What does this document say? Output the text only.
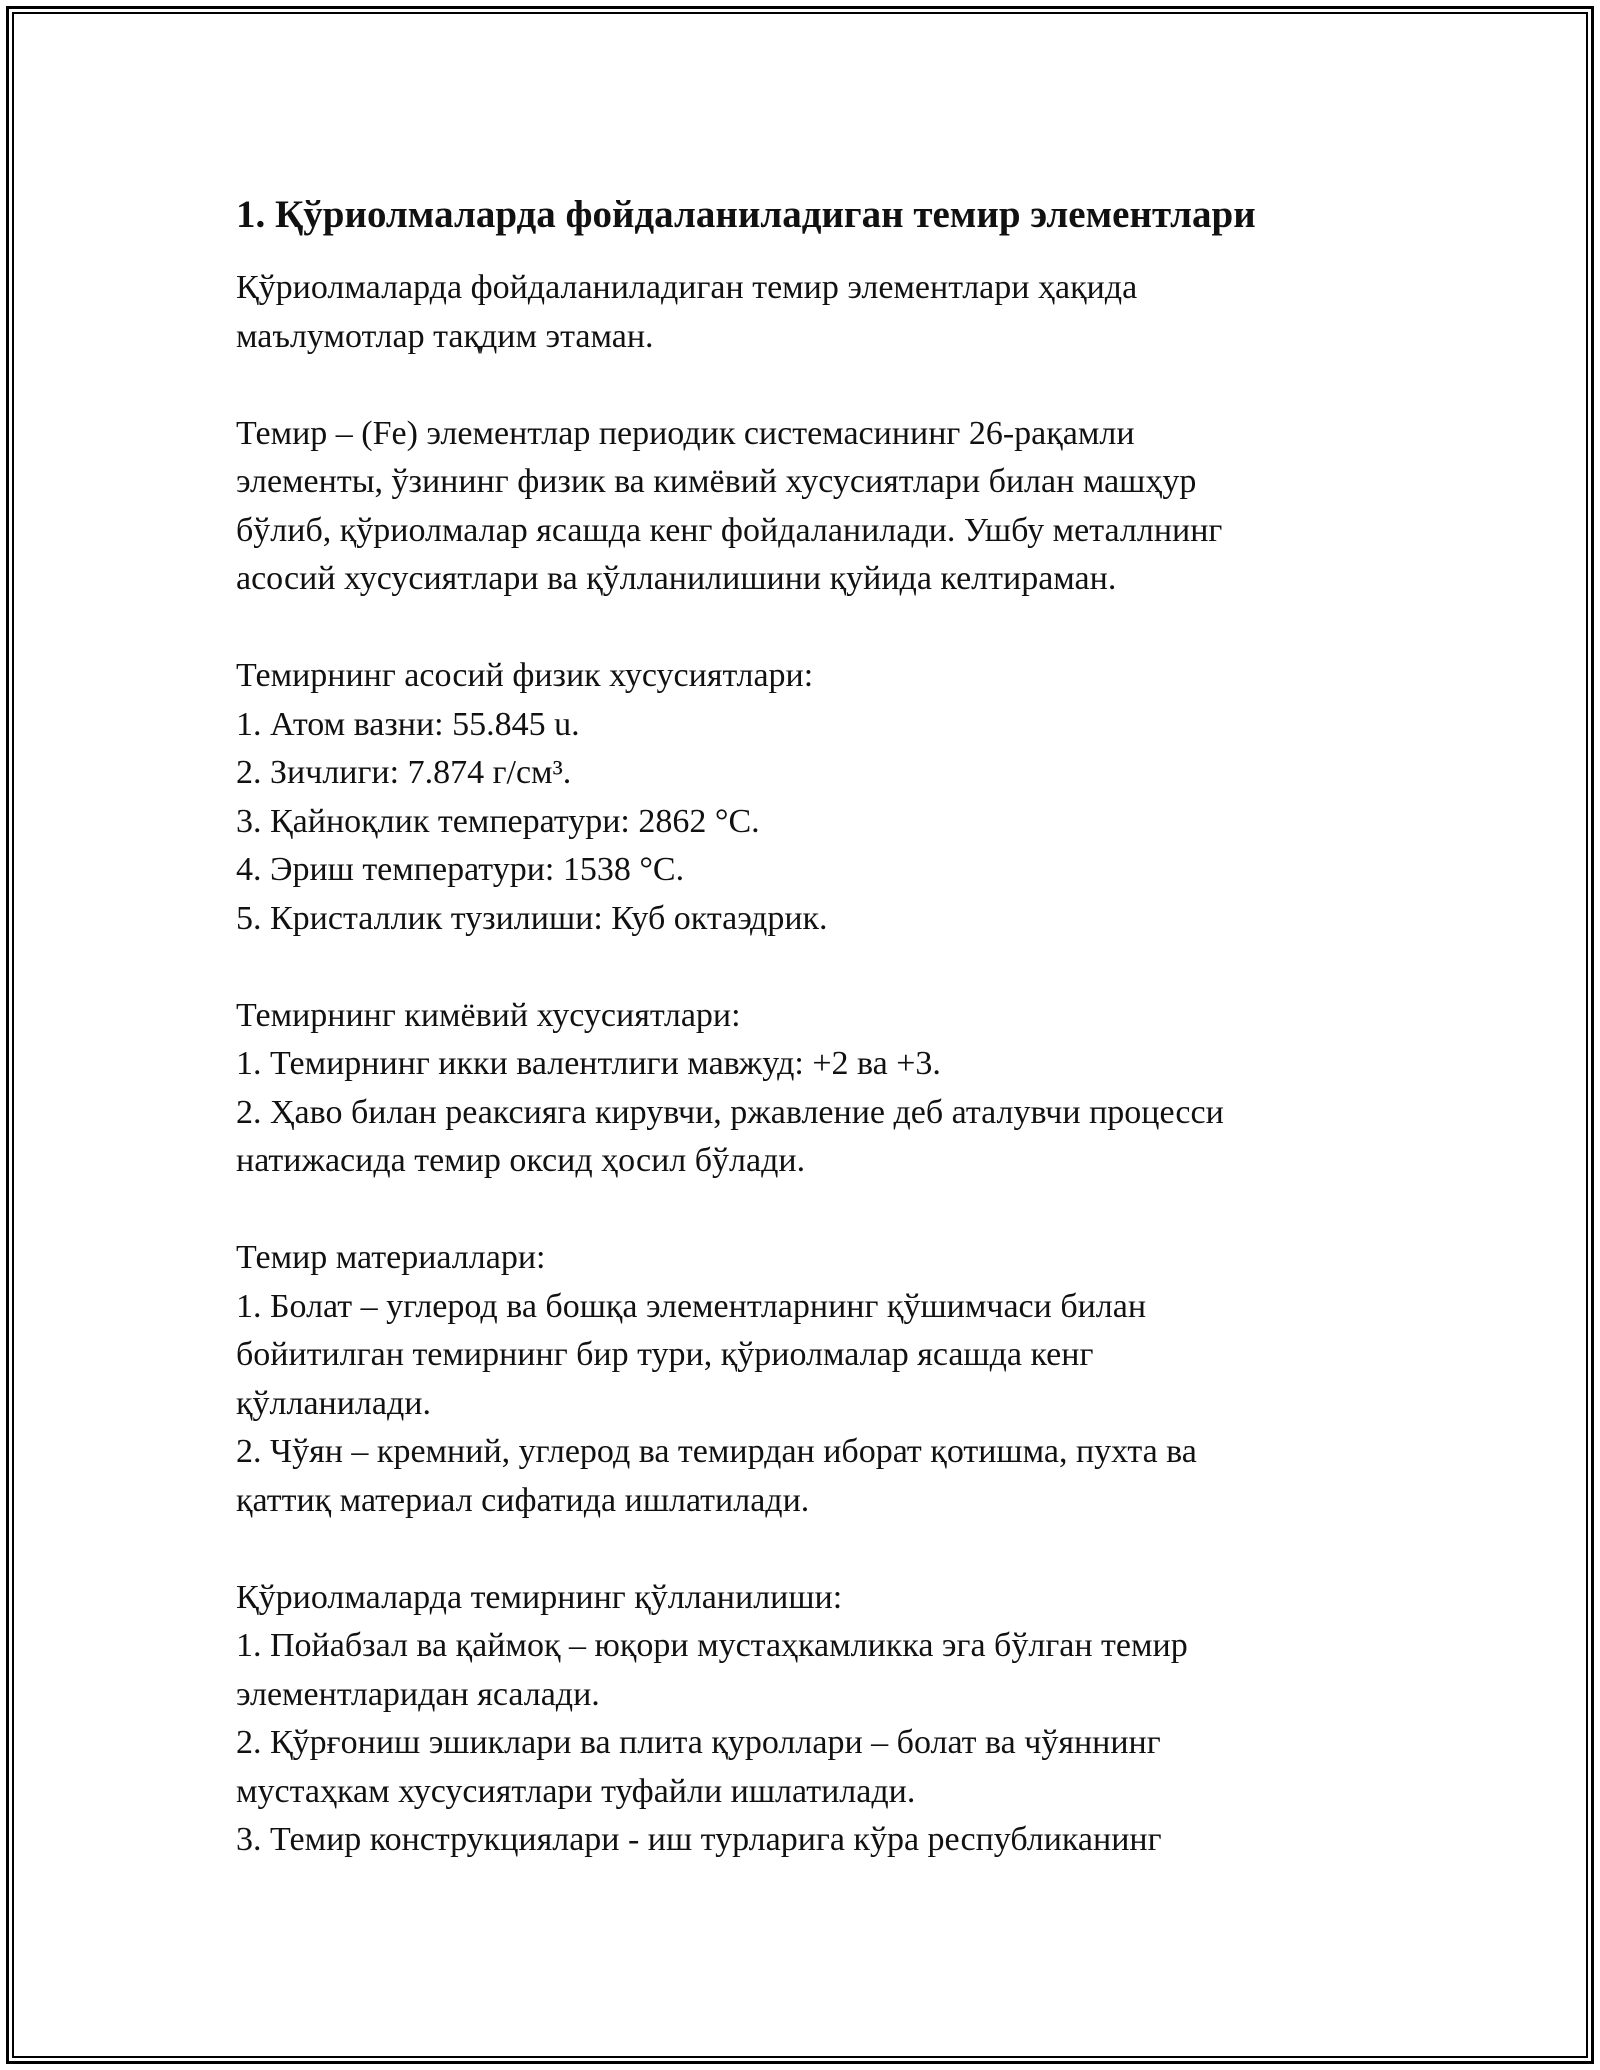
1. Қўриолмаларда фойдаланиладиган темир элементлари
Қўриолмаларда фойдаланиладиган темир элементлари ҳақида
маълумотлар тақдим этаман.
Темир – (Fe) элементлар периодик системасининг 26-рақамли
элементы, ўзининг физик ва кимёвий хусусиятлари билан машҳур
бўлиб, қўриолмалар ясашда кенг фойдаланилади. Ушбу металлнинг
асосий хусусиятлари ва қўлланилишини қуйида келтираман.
Темирнинг асосий физик хусусиятлари:
1. Атом вазни: 55.845 u.
2. Зичлиги: 7.874 г/см³.
3. Қайноқлик температури: 2862 °C.
4. Эриш температури: 1538 °C.
5. Кристаллик тузилиши: Куб октаэдрик.
Темирнинг кимёвий хусусиятлари:
1. Темирнинг икки валентлиги мавжуд: +2 ва +3.
2. Ҳаво билан реаксияга кирувчи, ржавление деб аталувчи процесси
натижасида темир оксид ҳосил бўлади.
Темир материаллари:
1. Болат – углерод ва бошқа элементларнинг қўшимчаси билан
бойитилган темирнинг бир тури, қўриолмалар ясашда кенг
қўлланилади.
2. Чўян – кремний, углерод ва темирдан иборат қотишма, пухта ва
қаттиқ материал сифатида ишлатилади.
Қўриолмаларда темирнинг қўлланилиши:
1. Пойабзал ва қаймоқ – юқори мустаҳкамликка эга бўлган темир
элементларидан ясалади.
2. Қўрғониш эшиклари ва плита қуроллари – болат ва чўяннинг
мустаҳкам хусусиятлари туфайли ишлатилади.
3. Темир конструкциялари - иш турларига кўра республиканинг
